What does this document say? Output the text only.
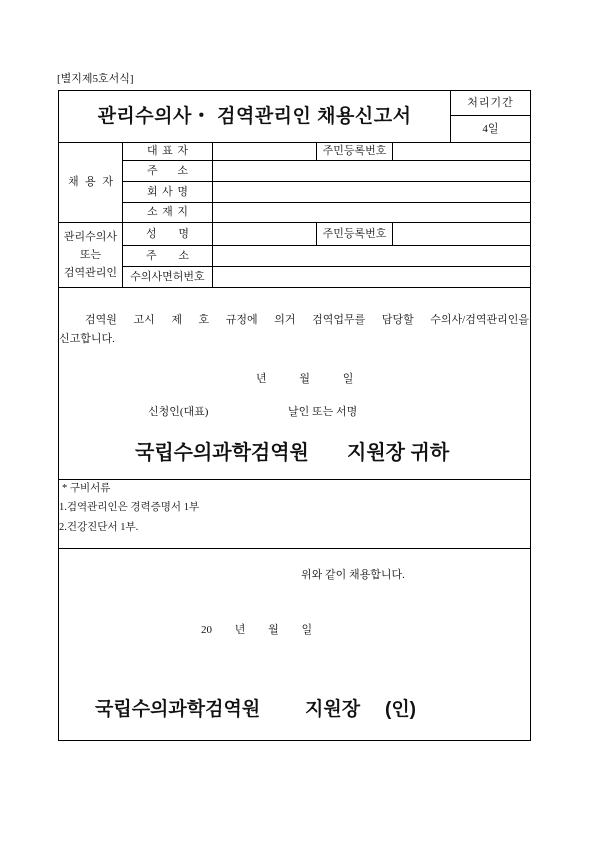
[별지제5호서식]
관리수의사・ 검역관리인 채용신고서
처리기간
4일
채 용 자
대 표 자	주민등록번호
주 소
회 사 명
소 재 지
관리수의사
또는
검역관리인
성 명	주민등록번호
주 소
수의사면허번호
검역원 고시 제 호 규정에 의거 검역업무를 담당할 수의사/검역관리인을
신고합니다.
년 월 일
신청인(대표)	날인 또는 서명
국립수의과학검역원 지원장 귀하
* 구비서류
1.검역관리인은 경력증명서 1부
2.건강진단서 1부.
위와 같이 채용합니다.
20 년 월 일
국립수의과학검역원 지원장 (인)
